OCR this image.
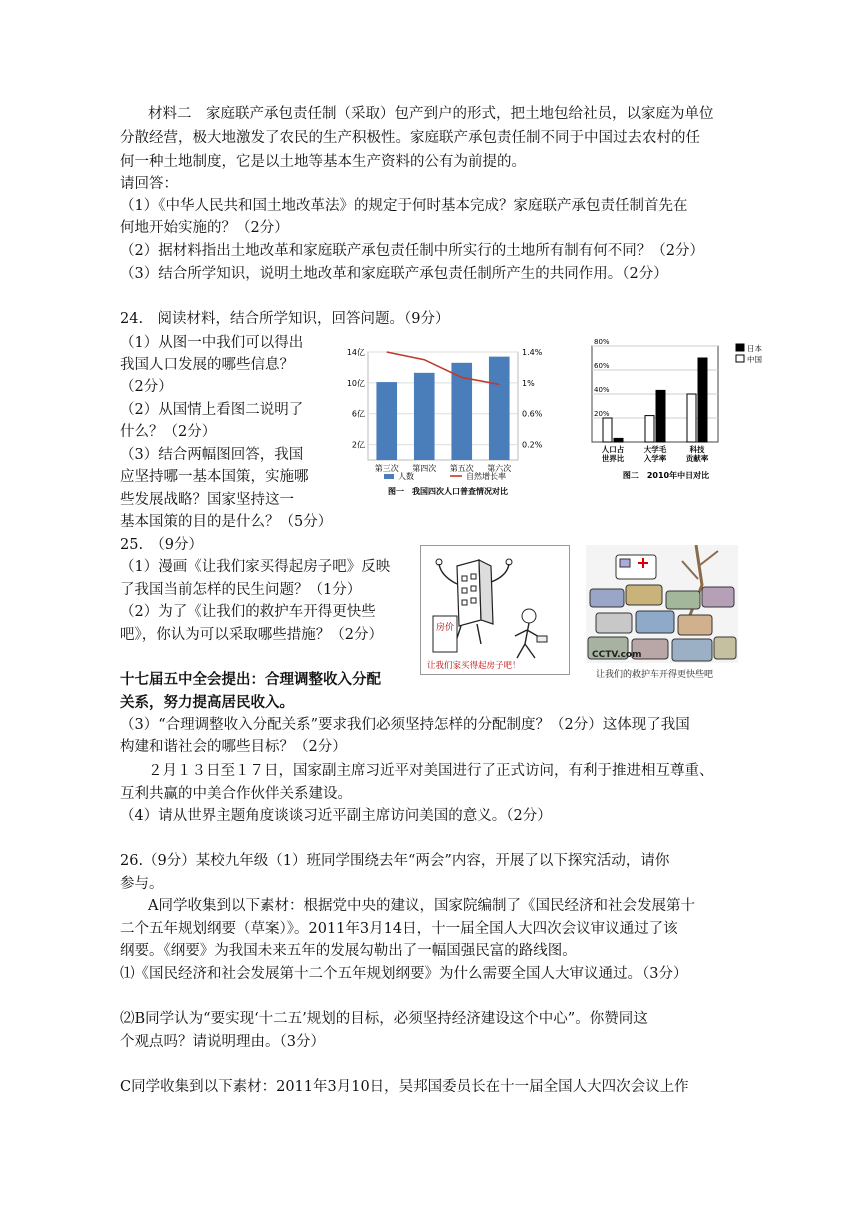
材料二　家庭联产承包责任制（采取）包产到户的形式，把土地包给社员，以家庭为单位
分散经营，极大地激发了农民的生产积极性。家庭联产承包责任制不同于中国过去农村的任
何一种土地制度，它是以土地等基本生产资料的公有为前提的。
请回答：
（1）《中华人民共和国土地改革法》的规定于何时基本完成？家庭联产承包责任制首先在
何地开始实施的？（2分）
（2）据材料指出土地改革和家庭联产承包责任制中所实行的土地所有制有何不同？（2分）
（3）结合所学知识，说明土地改革和家庭联产承包责任制所产生的共同作用。（2分）
24.　阅读材料，结合所学知识，回答问题。（9分）
（1）从图一中我们可以得出
我国人口发展的哪些信息？
（2分）
（2）从国情上看图二说明了
什么？（2分）
（3）结合两幅图回答，我国
应坚持哪一基本国策，实施哪
些发展战略？国家坚持这一
基本国策的目的是什么？（5分）
14亿
10亿
6亿
2亿
1.4%
1%
0.6%
0.2%
第三次 第四次 第五次 第六次
人数	自然增长率
图一　我国四次人口普查情况对比
80%
60%
40%
20%
人口占
世界比
大学毛
入学率
科技
贡献率
日本
中国
图二　2010年中日对比
25.　（9分）
（1）漫画《让我们家买得起房子吧》反映
了我国当前怎样的民生问题？（1分）
（2）为了《让我们的救护车开得更快些
吧》，你认为可以采取哪些措施？（2分）	房价
让我们家买得起房子吧！
CCTV.com
让我们的救护车开得更快些吧
十七届五中全会提出：合理调整收入分配
关系，努力提高居民收入。
（3）“合理调整收入分配关系”要求我们必须坚持怎样的分配制度？（2分）这体现了我国
构建和谐社会的哪些目标？（2分）
２月１３日至１７日，国家副主席习近平对美国进行了正式访问，有利于推进相互尊重、
互利共赢的中美合作伙伴关系建设。
（4）请从世界主题角度谈谈习近平副主席访问美国的意义。（2分）
26.（9分）某校九年级（1）班同学围绕去年“两会”内容，开展了以下探究活动，请你
参与。
A同学收集到以下素材：根据党中央的建议，国家院编制了《国民经济和社会发展第十
二个五年规划纲要（草案）》。2011年3月14日，十一届全国人大四次会议审议通过了该
纲要。《纲要》为我国未来五年的发展勾勒出了一幅国强民富的路线图。
⑴《国民经济和社会发展第十二个五年规划纲要》为什么需要全国人大审议通过。（3分）
⑵B同学认为“要实现‘十二五’规划的目标，必须坚持经济建设这个中心”。你赞同这
个观点吗？请说明理由。（3分）
C同学收集到以下素材：2011年3月10日，吴邦国委员长在十一届全国人大四次会议上作
